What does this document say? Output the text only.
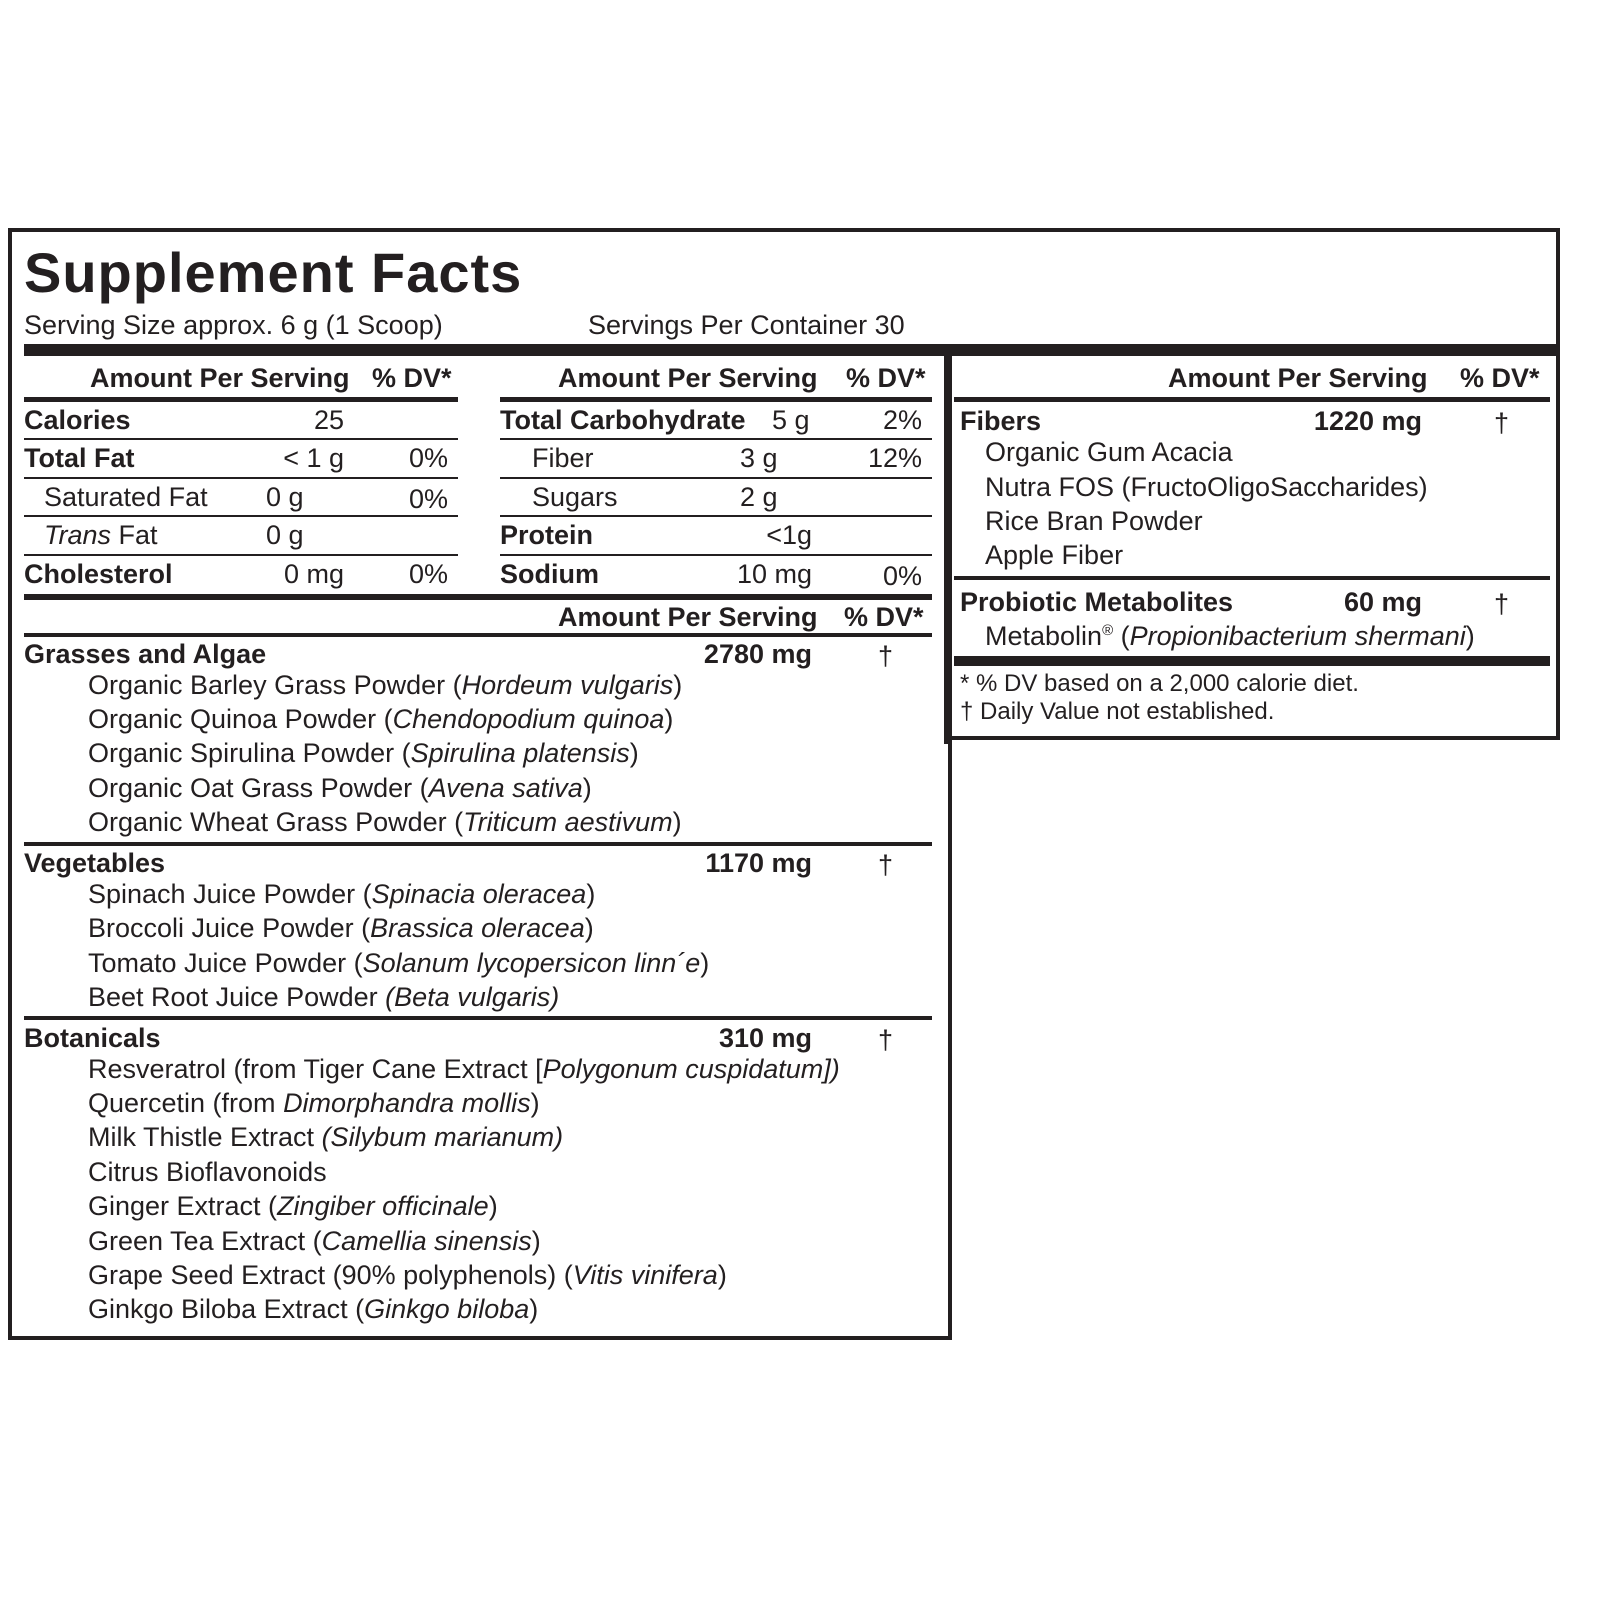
Supplement Facts
Serving Size approx. 6 g (1 Scoop)	Servings Per Container 30
Amount Per Serving % DV*
Calories	25
Total Fat	< 1 g	0%
Saturated Fat 0 g	0%
Trans Fat	0 g
Cholesterol	0 mg	0%
Amount Per Serving % DV*
Total Carbohydrate 5 g	2%
Fiber	3 g	12%
Sugars	2 g
Protein	<1g
Sodium	10 mg	0%
Amount Per Serving % DV*
Grasses and Algae	2780 mg †
Organic Barley Grass Powder (Hordeum vulgaris)
Organic Quinoa Powder (Chendopodium quinoa)
Organic Spirulina Powder (Spirulina platensis)
Organic Oat Grass Powder (Avena sativa)
Organic Wheat Grass Powder (Triticum aestivum)
Vegetables	1170 mg †
Spinach Juice Powder (Spinacia oleracea)
Broccoli Juice Powder (Brassica oleracea)
Tomato Juice Powder (Solanum lycopersicon linn´e)
Beet Root Juice Powder (Beta vulgaris)
Botanicals	310 mg †
Resveratrol (from Tiger Cane Extract [Polygonum cuspidatum])
Quercetin (from Dimorphandra mollis)
Milk Thistle Extract (Silybum marianum)
Citrus Bioflavonoids
Ginger Extract (Zingiber officinale)
Green Tea Extract (Camellia sinensis)
Grape Seed Extract (90% polyphenols) (Vitis vinifera)
Ginkgo Biloba Extract (Ginkgo biloba)
Amount Per Serving % DV*
Fibers	1220 mg	†
Organic Gum Acacia
Nutra FOS (FructoOligoSaccharides)
Rice Bran Powder
Apple Fiber
Probiotic Metabolites	60 mg	†
Metabolin® (Propionibacterium shermani)
* % DV based on a 2,000 calorie diet.
† Daily Value not established.
